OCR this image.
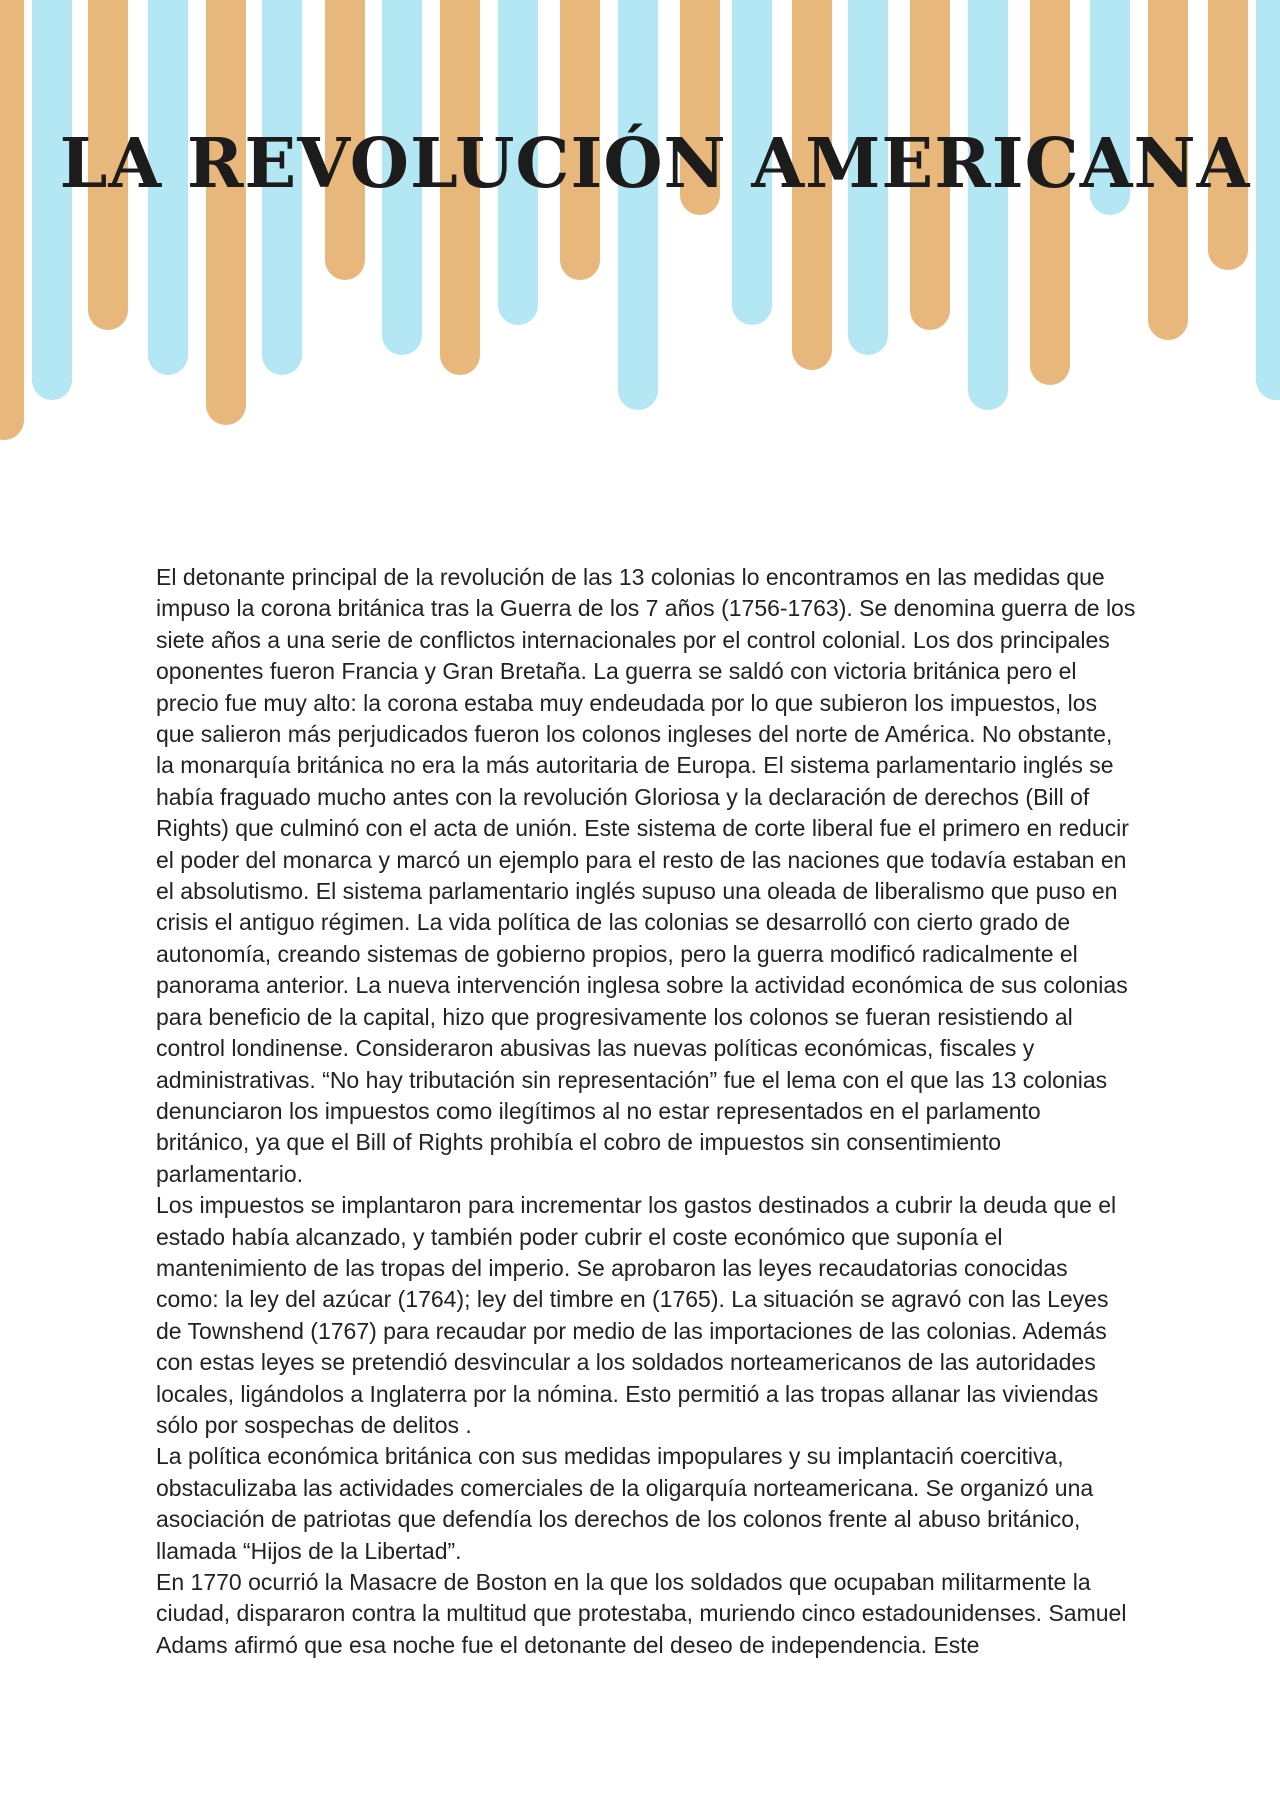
LA REVOLUCIÓN AMERICANA

El detonante principal de la revolución de las 13 colonias lo encontramos en las medidas que impuso la corona británica tras la Guerra de los 7 años (1756-1763). Se denomina guerra de los siete años a una serie de conflictos internacionales por el control colonial. Los dos principales oponentes fueron Francia y Gran Bretaña. La guerra se saldó con victoria británica pero el precio fue muy alto: la corona estaba muy endeudada por lo que subieron los impuestos, los que salieron más perjudicados fueron los colonos ingleses del norte de América. No obstante, la monarquía británica no era la más autoritaria de Europa. El sistema parlamentario inglés se había fraguado mucho antes con la revolución Gloriosa y la declaración de derechos (Bill of Rights) que culminó con el acta de unión. Este sistema de corte liberal fue el primero en reducir el poder del monarca y marcó un ejemplo para el resto de las naciones que todavía estaban en el absolutismo. El sistema parlamentario inglés supuso una oleada de liberalismo que puso en crisis el antiguo régimen. La vida política de las colonias se desarrolló con cierto grado de autonomía, creando sistemas de gobierno propios, pero la guerra modificó radicalmente el panorama anterior. La nueva intervención inglesa sobre la actividad económica de sus colonias para beneficio de la capital, hizo que progresivamente los colonos se fueran resistiendo al control londinense. Consideraron abusivas las nuevas políticas económicas, fiscales y administrativas. “No hay tributación sin representación” fue el lema con el que las 13 colonias denunciaron los impuestos como ilegítimos al no estar representados en el parlamento británico, ya que el Bill of Rights prohibía el cobro de impuestos sin consentimiento parlamentario.

Los impuestos se implantaron para incrementar los gastos destinados a cubrir la deuda que el estado había alcanzado, y también poder cubrir el coste económico que suponía el mantenimiento de las tropas del imperio. Se aprobaron las leyes recaudatorias conocidas como: la ley del azúcar (1764); ley del timbre en (1765). La situación se agravó con las Leyes de Townshend (1767) para recaudar por medio de las importaciones de las colonias. Además con estas leyes se pretendió desvincular a los soldados norteamericanos de las autoridades locales, ligándolos a Inglaterra por la nómina. Esto permitió a las tropas allanar las viviendas sólo por sospechas de delitos .

La política económica británica con sus medidas impopulares y su implantaciń coercitiva, obstaculizaba las actividades comerciales de la oligarquía norteamericana. Se organizó una asociación de patriotas que defendía los derechos de los colonos frente al abuso británico, llamada “Hijos de la Libertad”.

En 1770 ocurrió la Masacre de Boston en la que los soldados que ocupaban militarmente la ciudad, dispararon contra la multitud que protestaba, muriendo cinco estadounidenses. Samuel Adams afirmó que esa noche fue el detonante del deseo de independencia. Este
